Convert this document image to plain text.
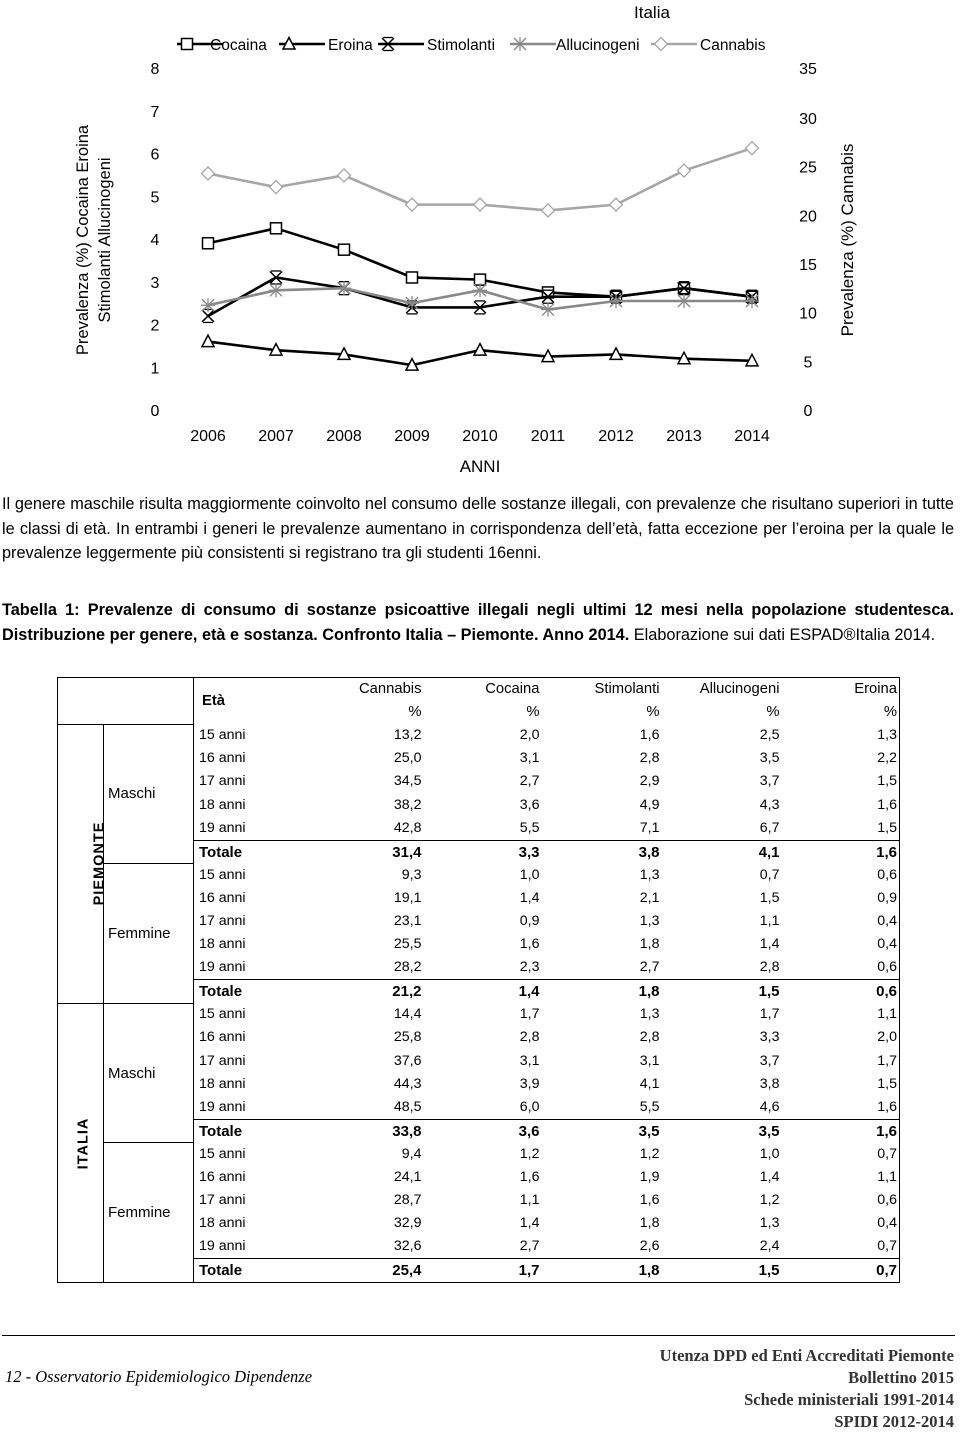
Italia
Cocaina	Eroina	Stimolanti	Allucinogeni	Cannabis
0
1
2
3
4
5
6
7
8
0
5
10
15
20
25
30
35
2006 2007 2008 2009 2010 2011 2012 2013 2014
ANNI
Prevalenza (%) Cocaina Eroina Stimolanti Allucinogeni	Prevalenza (%) Cannabis
Il genere maschile risulta maggiormente coinvolto nel consumo delle sostanze illegali, con prevalenze che risultano superiori in tutte le classi di età. In entrambi i generi le prevalenze aumentano in corrispondenza dell’età, fatta eccezione per l’eroina per la quale le prevalenze leggermente più consistenti si registrano tra gli studenti 16enni.
Tabella 1: Prevalenze di consumo di sostanze psicoattive illegali negli ultimi 12 mesi nella popolazione studentesca. Distribuzione per genere, età e sostanza. Confronto Italia – Piemonte. Anno 2014. Elaborazione sui dati ESPAD®Italia 2014.
		Età	Cannabis	Cocaina	Stimolanti	Allucinogeni	Eroina
			%	%	%	%	%
PIEMONTE	Maschi	15 anni	13,2	2,0	1,6	2,5	1,3
		16 anni	25,0	3,1	2,8	3,5	2,2
		17 anni	34,5	2,7	2,9	3,7	1,5
		18 anni	38,2	3,6	4,9	4,3	1,6
		19 anni	42,8	5,5	7,1	6,7	1,5
		Totale	31,4	3,3	3,8	4,1	1,6
	Femmine	15 anni	9,3	1,0	1,3	0,7	0,6
		16 anni	19,1	1,4	2,1	1,5	0,9
		17 anni	23,1	0,9	1,3	1,1	0,4
		18 anni	25,5	1,6	1,8	1,4	0,4
		19 anni	28,2	2,3	2,7	2,8	0,6
		Totale	21,2	1,4	1,8	1,5	0,6
ITALIA	Maschi	15 anni	14,4	1,7	1,3	1,7	1,1
		16 anni	25,8	2,8	2,8	3,3	2,0
		17 anni	37,6	3,1	3,1	3,7	1,7
		18 anni	44,3	3,9	4,1	3,8	1,5
		19 anni	48,5	6,0	5,5	4,6	1,6
		Totale	33,8	3,6	3,5	3,5	1,6
	Femmine	15 anni	9,4	1,2	1,2	1,0	0,7
		16 anni	24,1	1,6	1,9	1,4	1,1
		17 anni	28,7	1,1	1,6	1,2	0,6
		18 anni	32,9	1,4	1,8	1,3	0,4
		19 anni	32,6	2,7	2,6	2,4	0,7
		Totale	25,4	1,7	1,8	1,5	0,7
12 - Osservatorio Epidemiologico Dipendenze
Utenza DPD ed Enti Accreditati Piemonte
Bollettino 2015
Schede ministeriali 1991-2014
SPIDI 2012-2014
